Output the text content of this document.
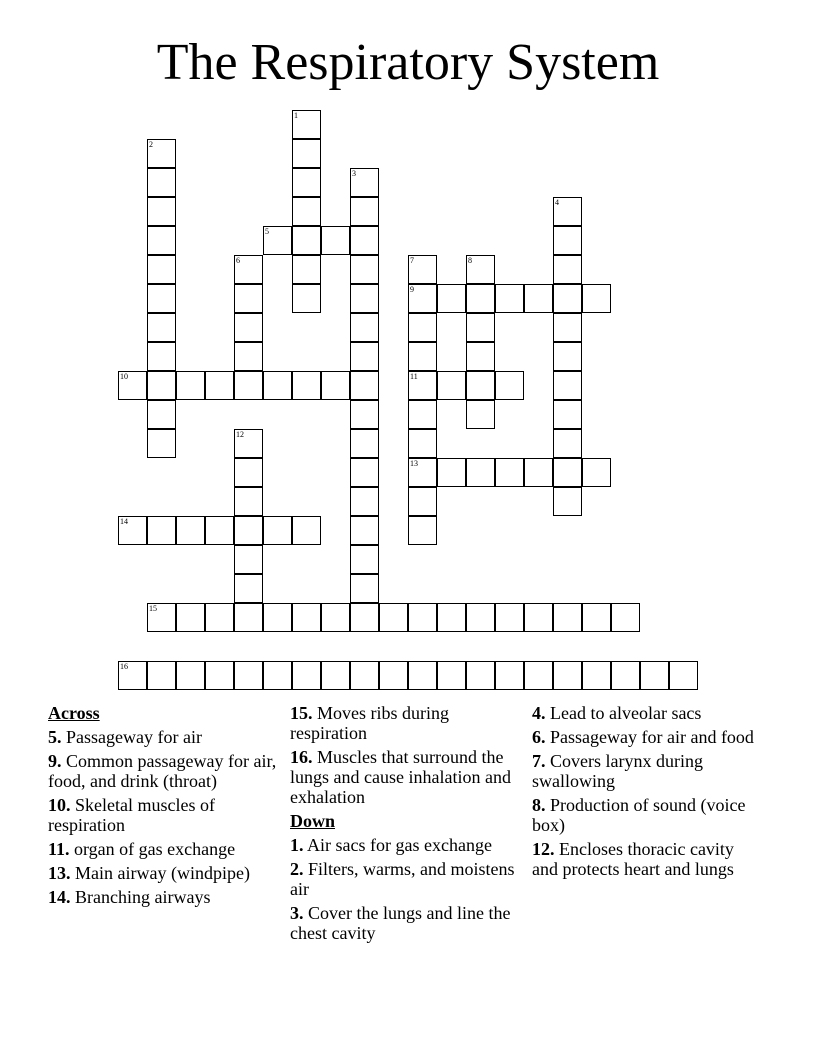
The Respiratory System
1
2
3
4
5
6	7
9
11
13
8
10
12
14
15
16
Across
5. Passageway for air
9. Common passageway for air, food, and drink (throat)
10. Skeletal muscles of respiration
11. organ of gas exchange
13. Main airway (windpipe)
14. Branching airways
15. Moves ribs during respiration
16. Muscles that surround the lungs and cause inhalation and exhalation
Down
1. Air sacs for gas exchange
2. Filters, warms, and moistens air
3. Cover the lungs and line the chest cavity
4. Lead to alveolar sacs
6. Passageway for air and food
7. Covers larynx during swallowing
8. Production of sound (voice box)
12. Encloses thoracic cavity and protects heart and lungs
